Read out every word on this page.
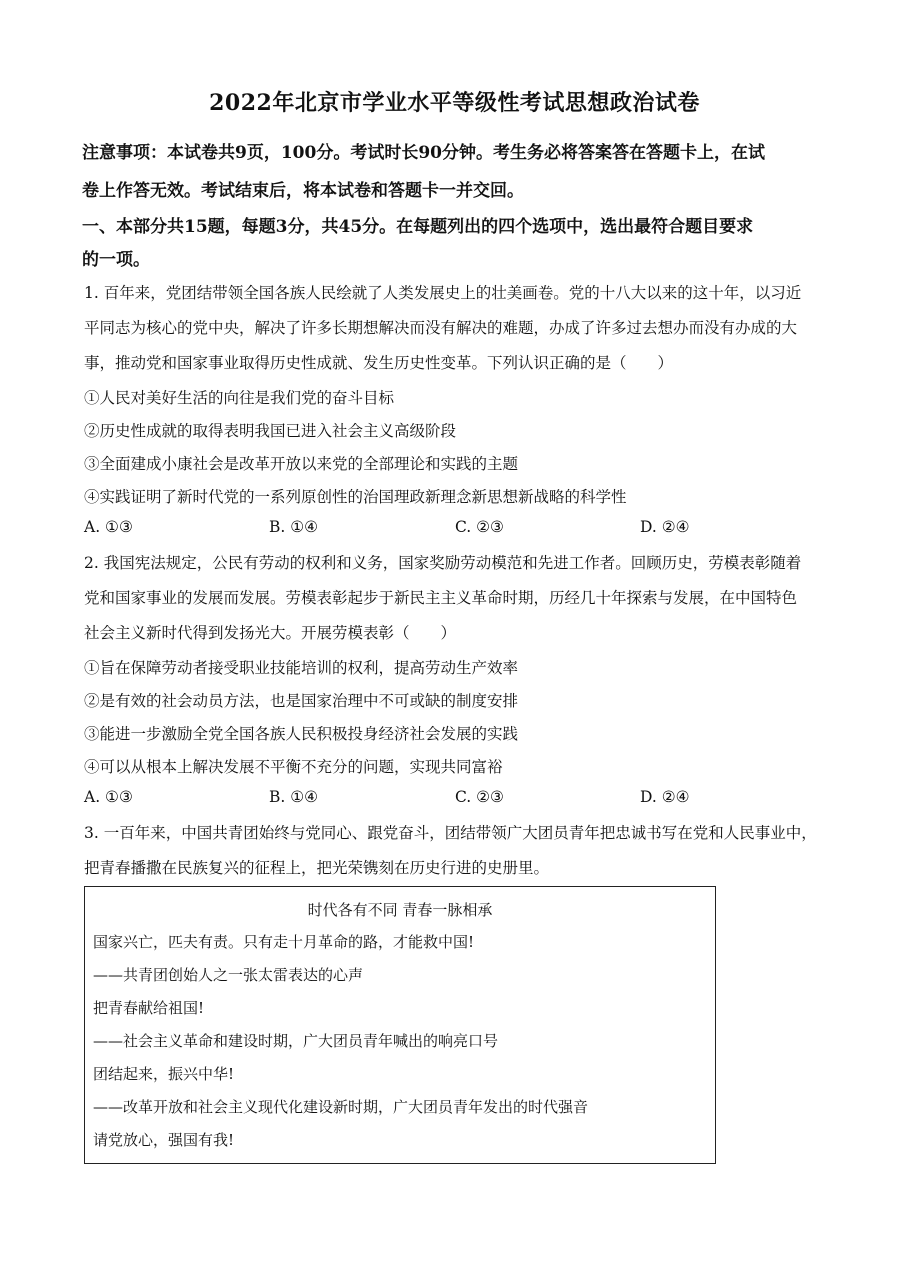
2022年北京市学业水平等级性考试思想政治试卷
注意事项：本试卷共9页，100分。考试时长90分钟。考生务必将答案答在答题卡上，在试
卷上作答无效。考试结束后，将本试卷和答题卡一并交回。
一、本部分共15题，每题3分，共45分。在每题列出的四个选项中，选出最符合题目要求
的一项。
1. 百年来，党团结带领全国各族人民绘就了人类发展史上的壮美画卷。党的十八大以来的这十年，以习近
平同志为核心的党中央，解决了许多长期想解决而没有解决的难题，办成了许多过去想办而没有办成的大
事，推动党和国家事业取得历史性成就、发生历史性变革。下列认识正确的是（　　）
①人民对美好生活的向往是我们党的奋斗目标
②历史性成就的取得表明我国已进入社会主义高级阶段
③全面建成小康社会是改革开放以来党的全部理论和实践的主题
④实践证明了新时代党的一系列原创性的治国理政新理念新思想新战略的科学性
A. ①③	B. ①④	C. ②③	D. ②④
2. 我国宪法规定，公民有劳动的权利和义务，国家奖励劳动模范和先进工作者。回顾历史，劳模表彰随着
党和国家事业的发展而发展。劳模表彰起步于新民主主义革命时期，历经几十年探索与发展，在中国特色
社会主义新时代得到发扬光大。开展劳模表彰（　　）
①旨在保障劳动者接受职业技能培训的权利，提高劳动生产效率
②是有效的社会动员方法，也是国家治理中不可或缺的制度安排
③能进一步激励全党全国各族人民积极投身经济社会发展的实践
④可以从根本上解决发展不平衡不充分的问题，实现共同富裕
A. ①③	B. ①④	C. ②③	D. ②④
3. 一百年来，中国共青团始终与党同心、跟党奋斗，团结带领广大团员青年把忠诚书写在党和人民事业中，
把青春播撒在民族复兴的征程上，把光荣镌刻在历史行进的史册里。
时代各有不同 青春一脉相承
国家兴亡，匹夫有责。只有走十月革命的路，才能救中国!
——共青团创始人之一张太雷表达的心声
把青春献给祖国!
——社会主义革命和建设时期，广大团员青年喊出的响亮口号
团结起来，振兴中华!
——改革开放和社会主义现代化建设新时期，广大团员青年发出的时代强音
请党放心，强国有我!
